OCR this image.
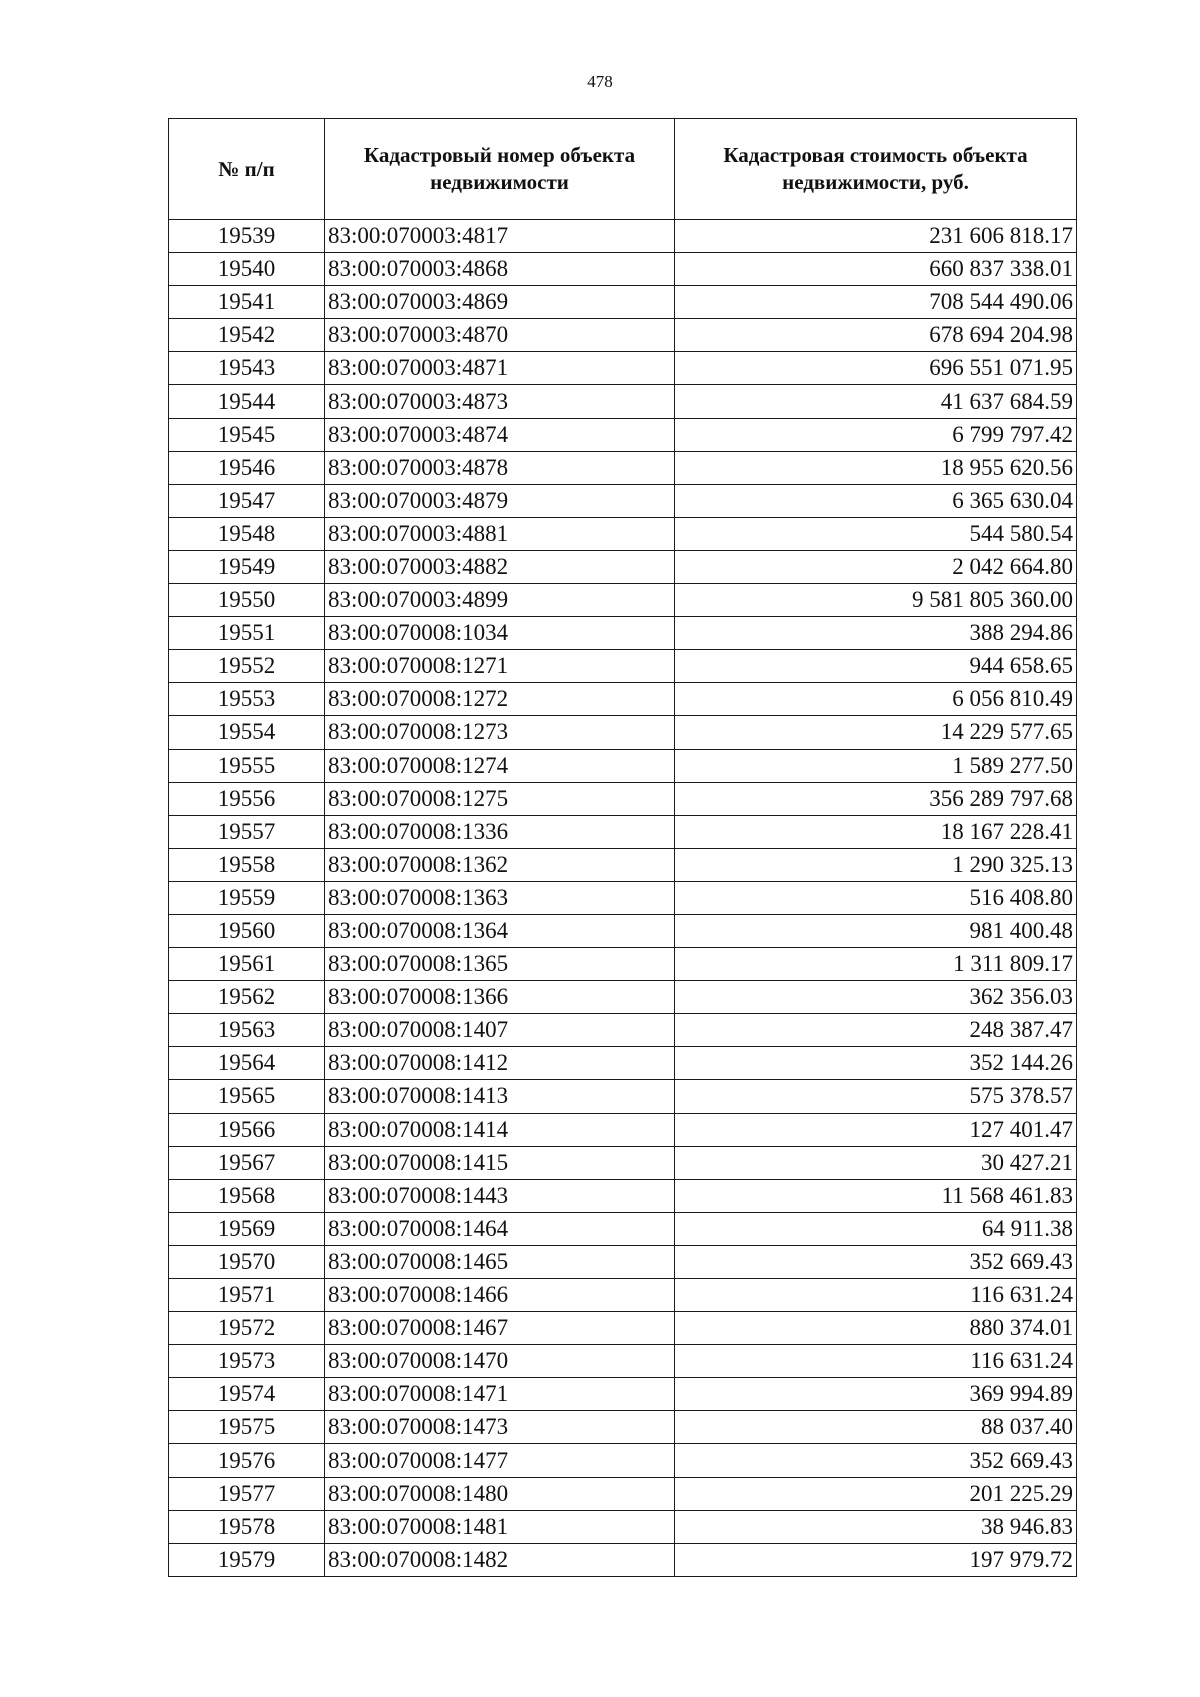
478
№ п/п	Кадастровый номер объекта недвижимости	Кадастровая стоимость объекта недвижимости, руб.
19539	83:00:070003:4817	231 606 818.17
19540	83:00:070003:4868	660 837 338.01
19541	83:00:070003:4869	708 544 490.06
19542	83:00:070003:4870	678 694 204.98
19543	83:00:070003:4871	696 551 071.95
19544	83:00:070003:4873	41 637 684.59
19545	83:00:070003:4874	6 799 797.42
19546	83:00:070003:4878	18 955 620.56
19547	83:00:070003:4879	6 365 630.04
19548	83:00:070003:4881	544 580.54
19549	83:00:070003:4882	2 042 664.80
19550	83:00:070003:4899	9 581 805 360.00
19551	83:00:070008:1034	388 294.86
19552	83:00:070008:1271	944 658.65
19553	83:00:070008:1272	6 056 810.49
19554	83:00:070008:1273	14 229 577.65
19555	83:00:070008:1274	1 589 277.50
19556	83:00:070008:1275	356 289 797.68
19557	83:00:070008:1336	18 167 228.41
19558	83:00:070008:1362	1 290 325.13
19559	83:00:070008:1363	516 408.80
19560	83:00:070008:1364	981 400.48
19561	83:00:070008:1365	1 311 809.17
19562	83:00:070008:1366	362 356.03
19563	83:00:070008:1407	248 387.47
19564	83:00:070008:1412	352 144.26
19565	83:00:070008:1413	575 378.57
19566	83:00:070008:1414	127 401.47
19567	83:00:070008:1415	30 427.21
19568	83:00:070008:1443	11 568 461.83
19569	83:00:070008:1464	64 911.38
19570	83:00:070008:1465	352 669.43
19571	83:00:070008:1466	116 631.24
19572	83:00:070008:1467	880 374.01
19573	83:00:070008:1470	116 631.24
19574	83:00:070008:1471	369 994.89
19575	83:00:070008:1473	88 037.40
19576	83:00:070008:1477	352 669.43
19577	83:00:070008:1480	201 225.29
19578	83:00:070008:1481	38 946.83
19579	83:00:070008:1482	197 979.72
